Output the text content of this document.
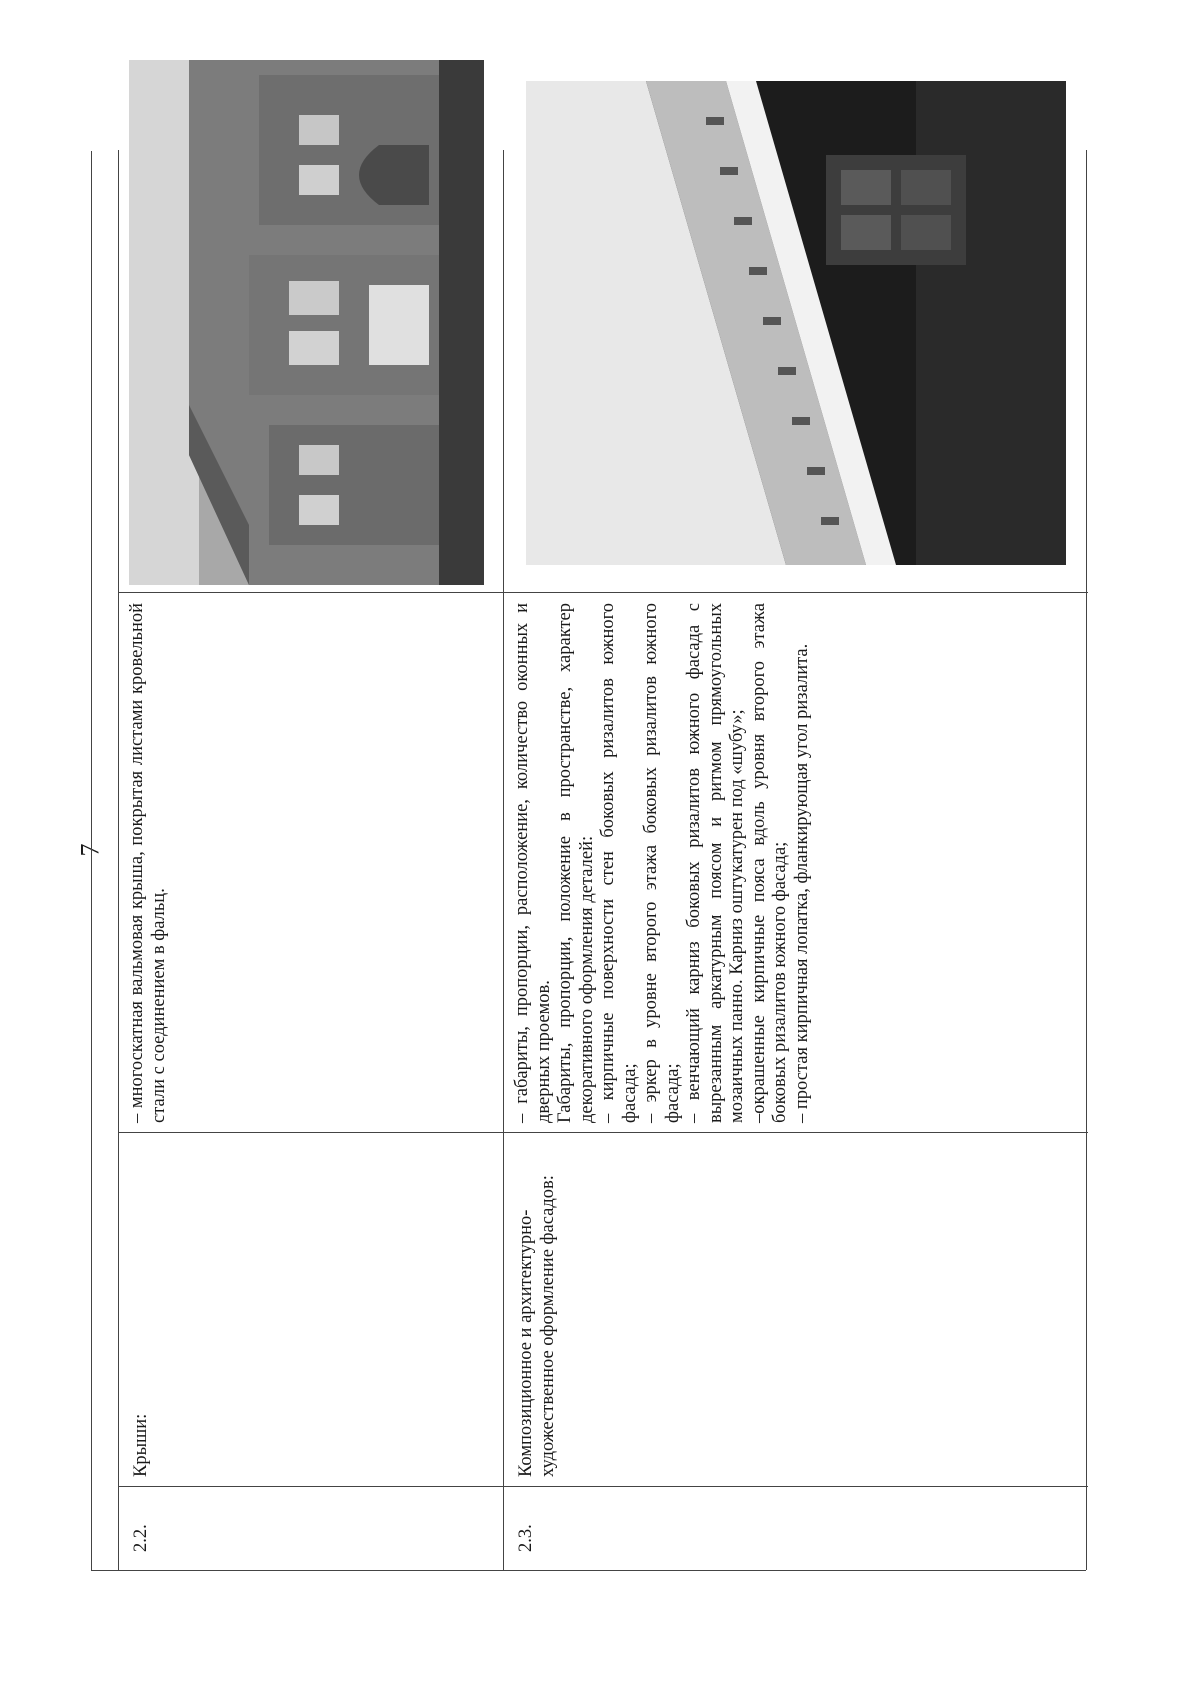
7
2.2.
Крыши:

– многоскатная вальмовая крыша, покрытая листами кровельной стали с соединением в фальц.

2.3.
Композиционное и архитектурно-художественное оформление фасадов:

– габариты, пропорции, расположение, количество оконных и дверных проемов. Габариты, пропорции, положение в пространстве, характер декоративного оформления деталей: – кирпичные поверхности стен боковых ризалитов южного фасада; – эркер в уровне второго этажа боковых ризалитов южного фасада; – венчающий карниз боковых ризалитов южного фасада с вырезанным аркатурным поясом и ритмом прямоугольных мозаичных панно. Карниз оштукатурен под «шубу»; –окрашенные кирпичные пояса вдоль уровня второго этажа боковых ризалитов южного фасада; – простая кирпичная лопатка, фланкирующая угол ризалита.
